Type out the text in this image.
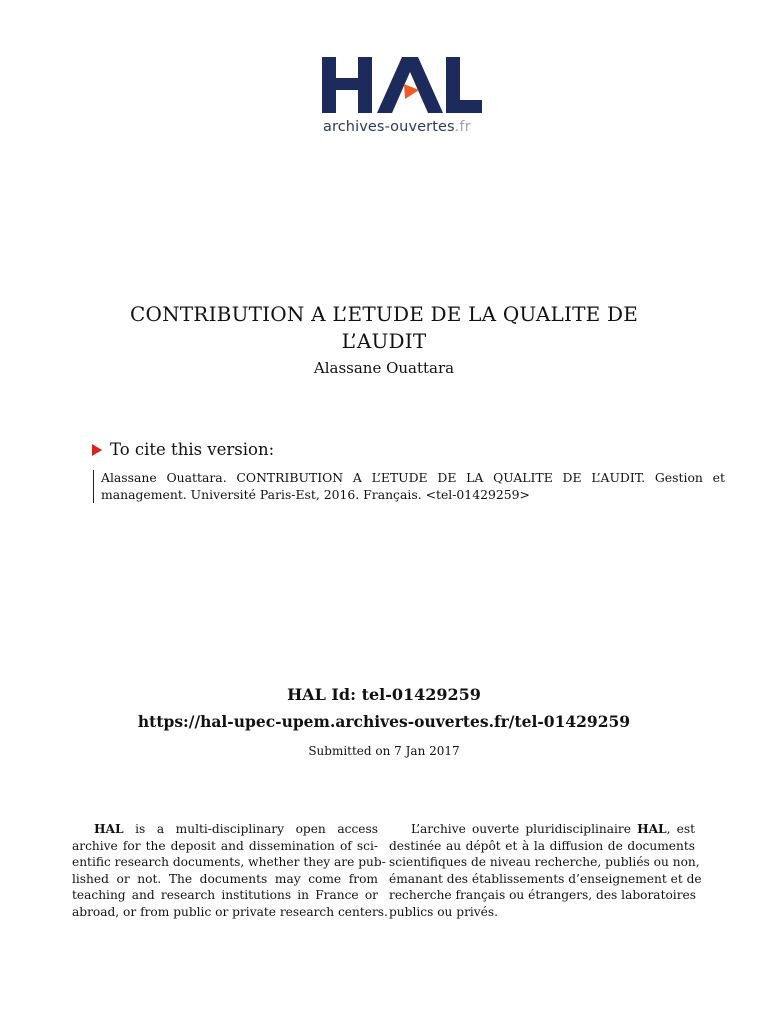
archives-ouvertes.fr
CONTRIBUTION A L’ETUDE DE LA QUALITE DE
L’AUDIT

Alassane Ouattara

To cite this version:
Alassane Ouattara. CONTRIBUTION A L’ETUDE DE LA QUALITE DE L’AUDIT. Gestion et
management. Université Paris-Est, 2016. Français. <tel-01429259>

HAL Id: tel-01429259

https://hal-upec-upem.archives-ouvertes.fr/tel-01429259

Submitted on 7 Jan 2017

HAL is a multi-disciplinary open access
archive for the deposit and dissemination of sci-
entific research documents, whether they are pub-
lished or not. The documents may come from
teaching and research institutions in France or
abroad, or from public or private research centers.
L’archive ouverte pluridisciplinaire HAL, est
destinée au dépôt et à la diffusion de documents
scientifiques de niveau recherche, publiés ou non,
émanant des établissements d’enseignement et de
recherche français ou étrangers, des laboratoires
publics ou privés.
